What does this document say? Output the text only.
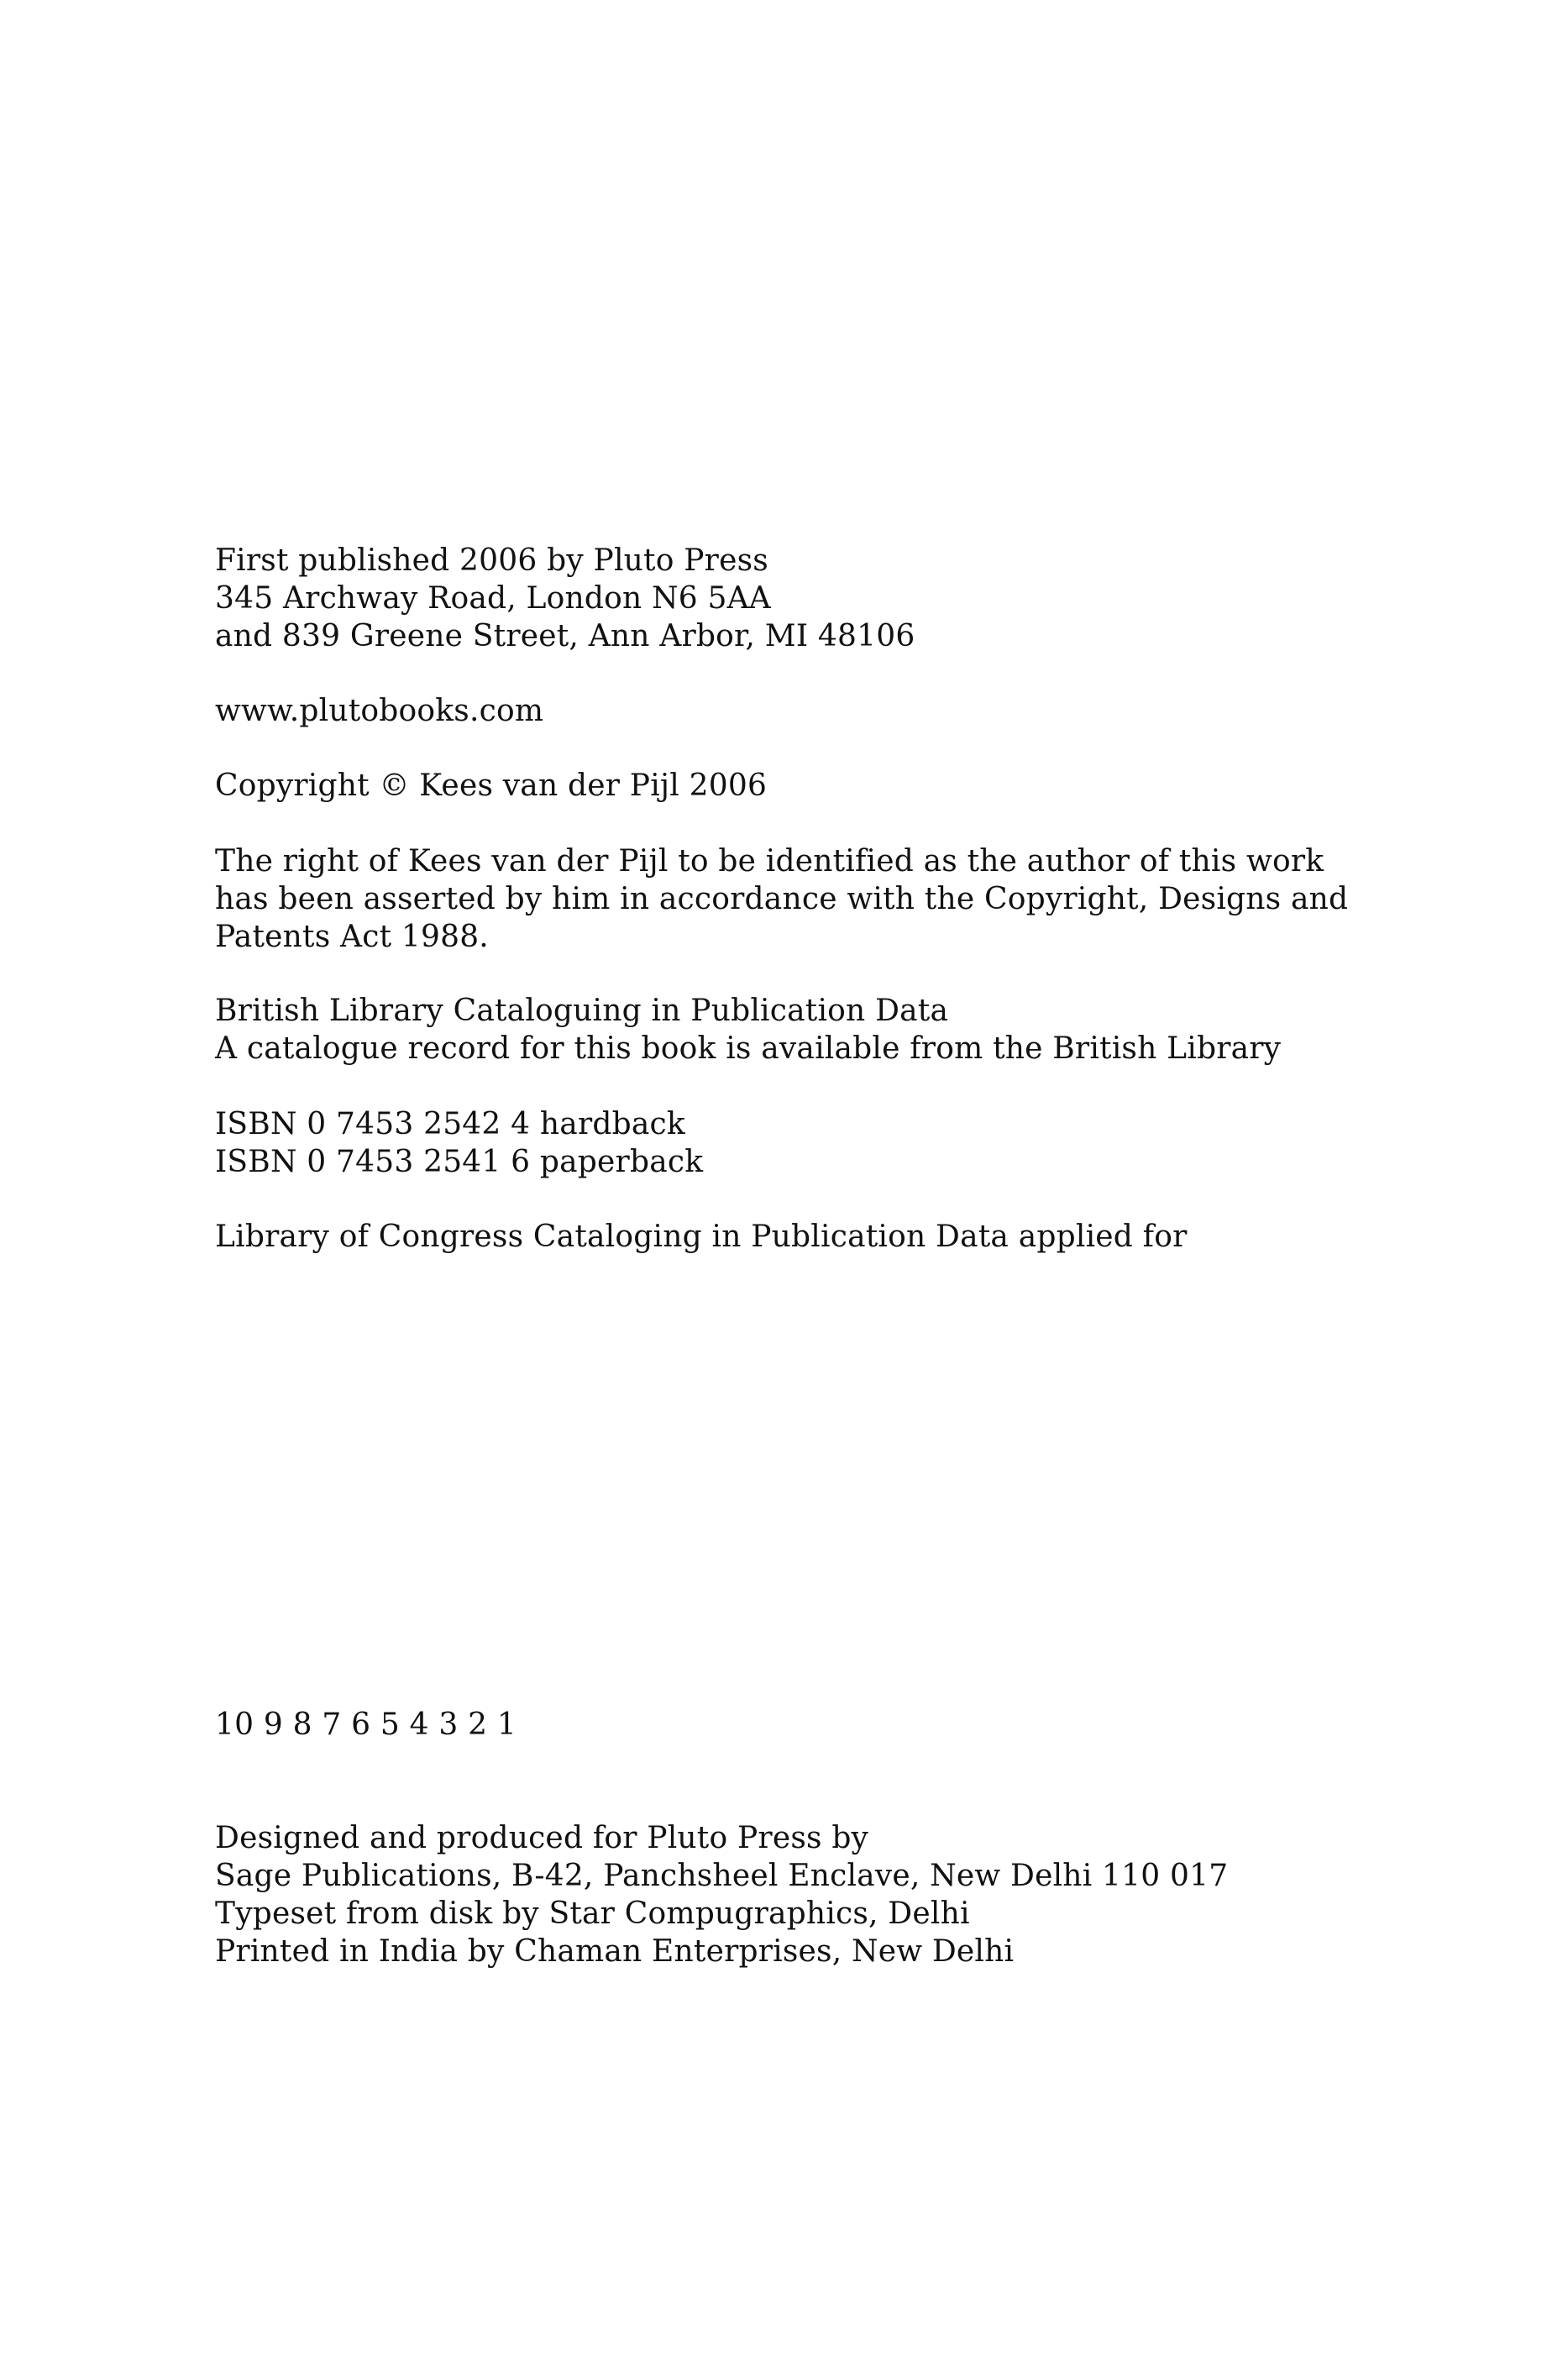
First published 2006 by Pluto Press
345 Archway Road, London N6 5AA
and 839 Greene Street, Ann Arbor, MI 48106

www.plutobooks.com

Copyright © Kees van der Pijl 2006

The right of Kees van der Pijl to be identified as the author of this work
has been asserted by him in accordance with the Copyright, Designs and
Patents Act 1988.

British Library Cataloguing in Publication Data
A catalogue record for this book is available from the British Library

ISBN 0 7453 2542 4 hardback
ISBN 0 7453 2541 6 paperback

Library of Congress Cataloging in Publication Data applied for

10 9 8 7 6 5 4 3 2 1

Designed and produced for Pluto Press by
Sage Publications, B-42, Panchsheel Enclave, New Delhi 110 017
Typeset from disk by Star Compugraphics, Delhi
Printed in India by Chaman Enterprises, New Delhi
